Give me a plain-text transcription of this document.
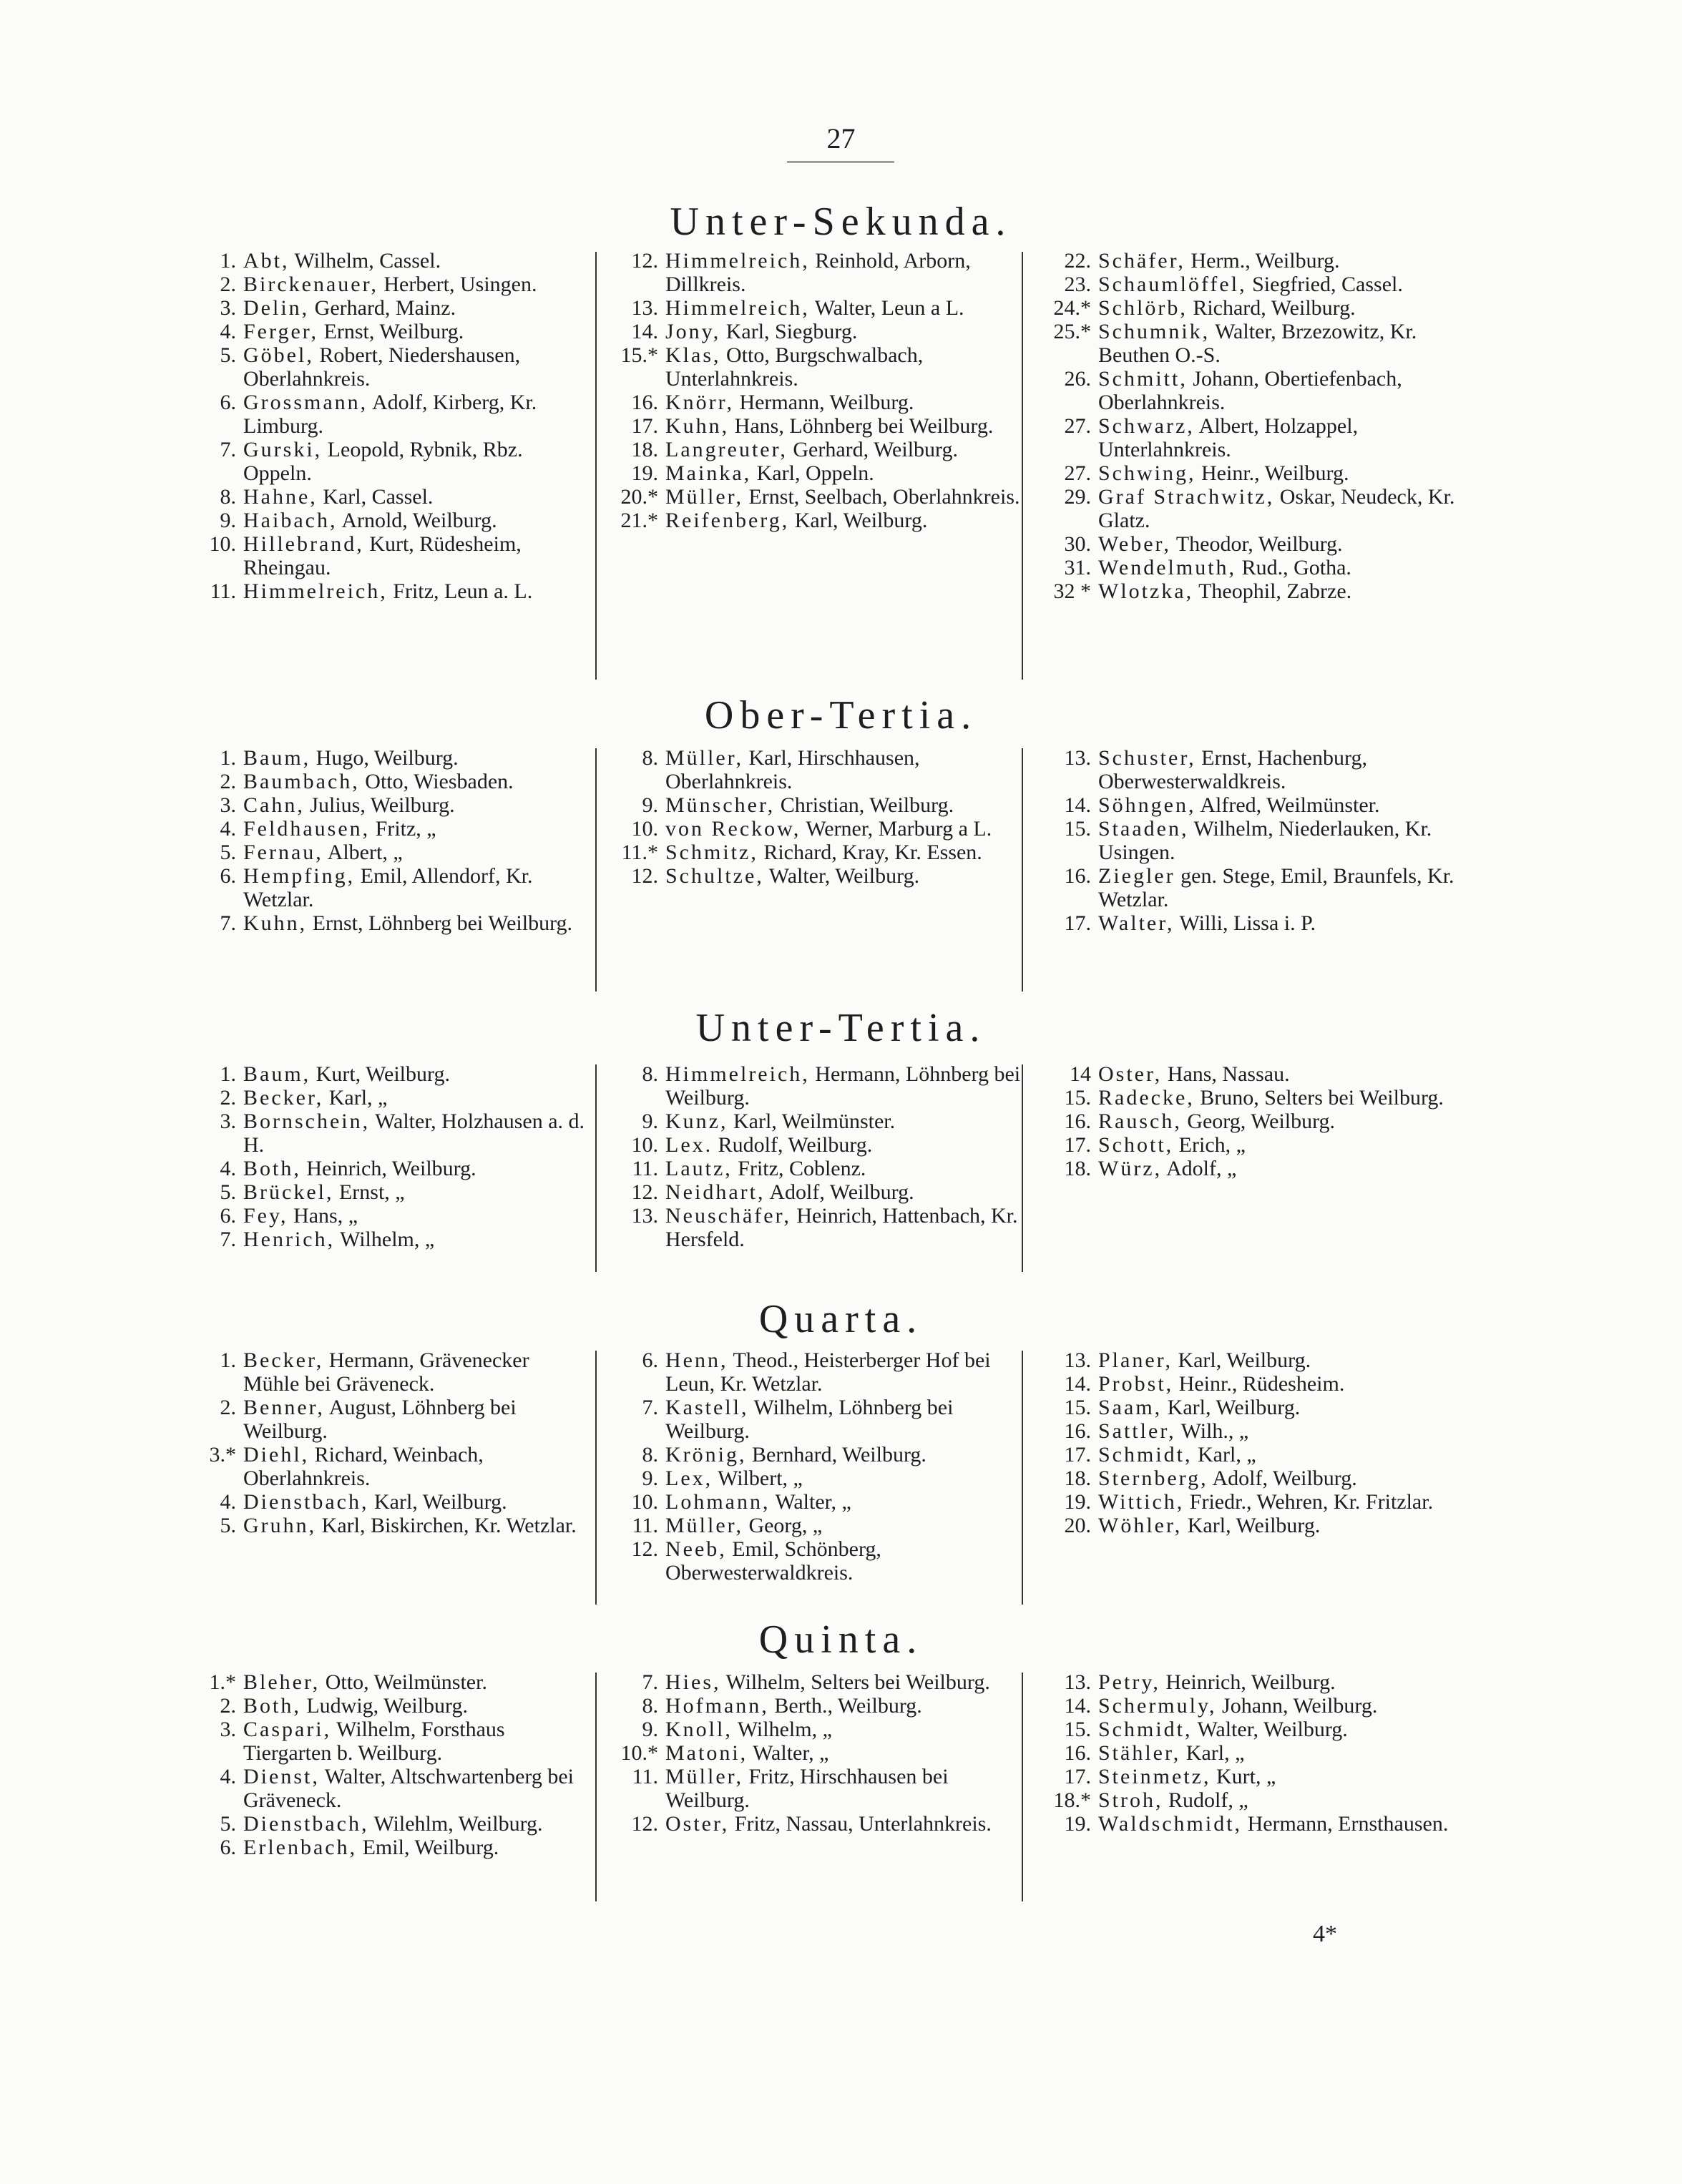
27
Unter-Sekunda.
1. Abt, Wilhelm, Cassel.
2. Birckenauer, Herbert, Usingen.
3. Delin, Gerhard, Mainz.
4. Ferger, Ernst, Weilburg.
5. Göbel, Robert, Niedershausen, Oberlahnkreis.
6. Grossmann, Adolf, Kirberg, Kr. Limburg.
7. Gurski, Leopold, Rybnik, Rbz. Oppeln.
8. Hahne, Karl, Cassel.
9. Haibach, Arnold, Weilburg.
10. Hillebrand, Kurt, Rüdesheim, Rheingau.
11. Himmelreich, Fritz, Leun a. L.
12. Himmelreich, Reinhold, Arborn, Dillkreis.
13. Himmelreich, Walter, Leun a L.
14. Jony, Karl, Siegburg.
15.* Klas, Otto, Burgschwalbach, Unterlahnkreis.
16. Knörr, Hermann, Weilburg.
17. Kuhn, Hans, Löhnberg bei Weilburg.
18. Langreuter, Gerhard, Weilburg.
19. Mainka, Karl, Oppeln.
20.* Müller, Ernst, Seelbach, Oberlahnkreis.
21.* Reifenberg, Karl, Weilburg.
22. Schäfer, Herm., Weilburg.
23. Schaumlöffel, Siegfried, Cassel.
24.* Schlörb, Richard, Weilburg.
25.* Schumnik, Walter, Brzezowitz, Kr. Beuthen O.-S.
26. Schmitt, Johann, Obertiefenbach, Oberlahnkreis.
27. Schwarz, Albert, Holzappel, Unterlahnkreis.
27. Schwing, Heinr., Weilburg.
29. Graf Strachwitz, Oskar, Neudeck, Kr. Glatz.
30. Weber, Theodor, Weilburg.
31. Wendelmuth, Rud., Gotha.
32 * Wlotzka, Theophil, Zabrze.
Ober-Tertia.
1. Baum, Hugo, Weilburg.
2. Baumbach, Otto, Wiesbaden.
3. Cahn, Julius, Weilburg.
4. Feldhausen, Fritz, „
5. Fernau, Albert, „
6. Hempfing, Emil, Allendorf, Kr. Wetzlar.
7. Kuhn, Ernst, Löhnberg bei Weilburg.
8. Müller, Karl, Hirschhausen, Oberlahnkreis.
9. Münscher, Christian, Weilburg.
10. von Reckow, Werner, Marburg a L.
11.* Schmitz, Richard, Kray, Kr. Essen.
12. Schultze, Walter, Weilburg.
13. Schuster, Ernst, Hachenburg, Oberwesterwaldkreis.
14. Söhngen, Alfred, Weilmünster.
15. Staaden, Wilhelm, Niederlauken, Kr. Usingen.
16. Ziegler gen. Stege, Emil, Braunfels, Kr. Wetzlar.
17. Walter, Willi, Lissa i. P.
Unter-Tertia.
1. Baum, Kurt, Weilburg.
2. Becker, Karl, „
3. Bornschein, Walter, Holzhausen a. d. H.
4. Both, Heinrich, Weilburg.
5. Brückel, Ernst, „
6. Fey, Hans, „
7. Henrich, Wilhelm, „
8. Himmelreich, Hermann, Löhnberg bei Weilburg.
9. Kunz, Karl, Weilmünster.
10. Lex. Rudolf, Weilburg.
11. Lautz, Fritz, Coblenz.
12. Neidhart, Adolf, Weilburg.
13. Neuschäfer, Heinrich, Hattenbach, Kr. Hersfeld.
14 Oster, Hans, Nassau.
15. Radecke, Bruno, Selters bei Weilburg.
16. Rausch, Georg, Weilburg.
17. Schott, Erich, „
18. Würz, Adolf, „
Quarta.
1. Becker, Hermann, Grävenecker Mühle bei Gräveneck.
2. Benner, August, Löhnberg bei Weilburg.
3.* Diehl, Richard, Weinbach, Oberlahnkreis.
4. Dienstbach, Karl, Weilburg.
5. Gruhn, Karl, Biskirchen, Kr. Wetzlar.
6. Henn, Theod., Heisterberger Hof bei Leun, Kr. Wetzlar.
7. Kastell, Wilhelm, Löhnberg bei Weilburg.
8. Krönig, Bernhard, Weilburg.
9. Lex, Wilbert, „
10. Lohmann, Walter, „
11. Müller, Georg, „
12. Neeb, Emil, Schönberg, Oberwesterwaldkreis.
13. Planer, Karl, Weilburg.
14. Probst, Heinr., Rüdesheim.
15. Saam, Karl, Weilburg.
16. Sattler, Wilh., „
17. Schmidt, Karl, „
18. Sternberg, Adolf, Weilburg.
19. Wittich, Friedr., Wehren, Kr. Fritzlar.
20. Wöhler, Karl, Weilburg.
Quinta.
1.* Bleher, Otto, Weilmünster.
2. Both, Ludwig, Weilburg.
3. Caspari, Wilhelm, Forsthaus Tiergarten b. Weilburg.
4. Dienst, Walter, Altschwartenberg bei Gräveneck.
5. Dienstbach, Wilehlm, Weilburg.
6. Erlenbach, Emil, Weilburg.
7. Hies, Wilhelm, Selters bei Weilburg.
8. Hofmann, Berth., Weilburg.
9. Knoll, Wilhelm, „
10.* Matoni, Walter, „
11. Müller, Fritz, Hirschhausen bei Weilburg.
12. Oster, Fritz, Nassau, Unterlahnkreis.
13. Petry, Heinrich, Weilburg.
14. Schermuly, Johann, Weilburg.
15. Schmidt, Walter, Weilburg.
16. Stähler, Karl, „
17. Steinmetz, Kurt, „
18.* Stroh, Rudolf, „
19. Waldschmidt, Hermann, Ernsthausen.
4*
